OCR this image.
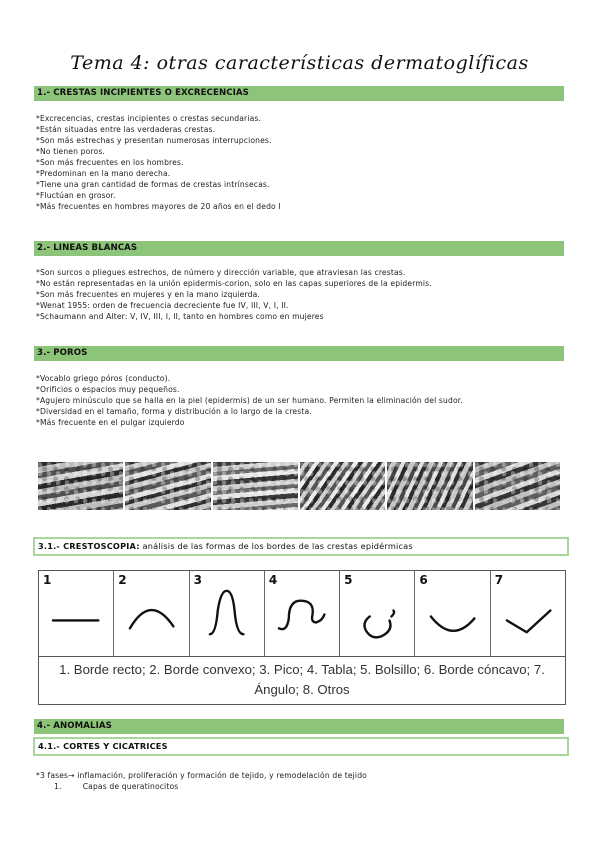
Tema 4: otras características dermatoglíficas
1.- CRESTAS INCIPIENTES O EXCRECENCIAS
*Excrecencias, crestas incipientes o crestas secundarias.
*Están situadas entre las verdaderas crestas.
*Son más estrechas y presentan numerosas interrupciones.
*No tienen poros.
*Son más frecuentes en los hombres.
*Predominan en la mano derecha.
*Tiene una gran cantidad de formas de crestas intrínsecas.
*Fluctúan en grosor.
*Más frecuentes en hombres mayores de 20 años en el dedo I
2.- LINEAS BLANCAS
*Son surcos o pliegues estrechos, de número y dirección variable, que atraviesan las crestas.
*No están representadas en la unión epidermis-corion, solo en las capas superiores de la epidermis.
*Son más frecuentes en mujeres y en la mano izquierda.
*Wenat 1955: orden de frecuencia decreciente fue IV, III, V, I, II.
*Schaumann and Alter: V, IV, III, I, II, tanto en hombres como en mujeres
3.- POROS
*Vocablo griego póros (conducto).
*Orificios o espacios muy pequeños.
*Agujero minúsculo que se halla en la piel (epidermis) de un ser humano. Permiten la eliminación del sudor.
*Diversidad en el tamaño, forma y distribución a lo largo de la cresta.
*Más frecuente en el pulgar izquierdo
3.1.- CRESTOSCOPIA: análisis de las formas de los bordes de las crestas epidérmicas
1	2	3	4	5	6	7
1. Borde recto; 2. Borde convexo; 3. Pico; 4. Tabla; 5. Bolsillo; 6. Borde cóncavo; 7. Ángulo; 8. Otros
4.- ANOMALIAS
4.1.- CORTES Y CICATRICES
*3 fases→ inflamación, proliferación y formación de tejido, y remodelación de tejido
1.	Capas de queratinocitos
